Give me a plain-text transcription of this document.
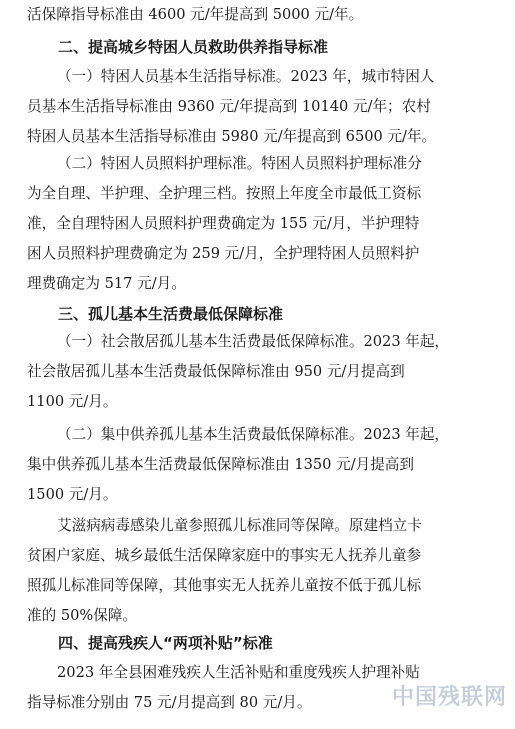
活保障指导标准由 4600 元/年提高到 5000 元/年。
二、提高城乡特困人员救助供养指导标准
（一）特困人员基本生活指导标准。2023 年，城市特困人
员基本生活指导标准由 9360 元/年提高到 10140 元/年；农村
特困人员基本生活指导标准由 5980 元/年提高到 6500 元/年。
（二）特困人员照料护理标准。特困人员照料护理标准分
为全自理、半护理、全护理三档。按照上年度全市最低工资标
准，全自理特困人员照料护理费确定为 155 元/月，半护理特
困人员照料护理费确定为 259 元/月，全护理特困人员照料护
理费确定为 517 元/月。
三、孤儿基本生活费最低保障标准
（一）社会散居孤儿基本生活费最低保障标准。2023 年起，
社会散居孤儿基本生活费最低保障标准由 950 元/月提高到
1100 元/月。
（二）集中供养孤儿基本生活费最低保障标准。2023 年起，
集中供养孤儿基本生活费最低保障标准由 1350 元/月提高到
1500 元/月。
艾滋病病毒感染儿童参照孤儿标准同等保障。原建档立卡
贫困户家庭、城乡最低生活保障家庭中的事实无人抚养儿童参
照孤儿标准同等保障，其他事实无人抚养儿童按不低于孤儿标
准的 50%保障。
四、提高残疾人“两项补贴”标准
2023 年全县困难残疾人生活补贴和重度残疾人护理补贴
指导标准分别由 75 元/月提高到 80 元/月。	中国残联网
